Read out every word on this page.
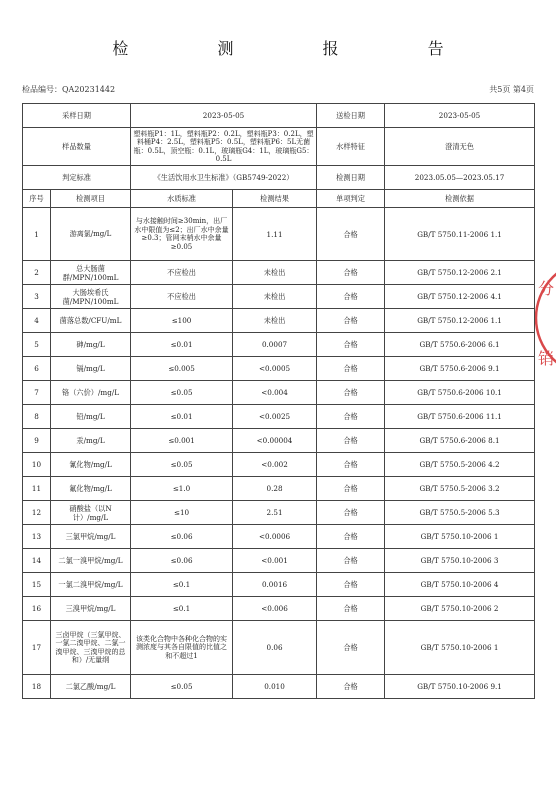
检 测 报 告
检品编号：QA20231442	共5页 第4页
分
销
采样日期		2023-05-05		送检日期	2023-05-05
样品数量		塑料瓶P1：1L，塑料瓶P2：0.2L，塑料瓶P3：0.2L，塑料桶P4：2.5L，塑料瓶P5：0.5L，塑料瓶P6：5L无菌瓶：0.5L，顶空瓶：0.1L，玻璃瓶G4：1L，玻璃瓶G5：0.5L		水样特征	澄清无色
判定标准		《生活饮用水卫生标准》（GB5749-2022）		检测日期	2023.05.05—2023.05.17
序号	检测项目	水质标准	检测结果	单项判定	检测依据
1	游离氯/mg/L	与水接触时间≥30min，出厂水中限值为≤2；出厂水中余量≥0.3；管网末梢水中余量≥0.05	1.11	合格	GB/T 5750.11-2006 1.1
2	总大肠菌群/MPN/100mL	不应检出	未检出	合格	GB/T 5750.12-2006 2.1
3	大肠埃希氏菌/MPN/100mL	不应检出	未检出	合格	GB/T 5750.12-2006 4.1
4	菌落总数/CFU/mL	≤100	未检出	合格	GB/T 5750.12-2006 1.1
5	砷/mg/L	≤0.01	0.0007	合格	GB/T 5750.6-2006 6.1
6	镉/mg/L	≤0.005	<0.0005	合格	GB/T 5750.6-2006 9.1
7	铬（六价）/mg/L	≤0.05	<0.004	合格	GB/T 5750.6-2006 10.1
8	铅/mg/L	≤0.01	<0.0025	合格	GB/T 5750.6-2006 11.1
9	汞/mg/L	≤0.001	<0.00004	合格	GB/T 5750.6-2006 8.1
10	氰化物/mg/L	≤0.05	<0.002	合格	GB/T 5750.5-2006 4.2
11	氟化物/mg/L	≤1.0	0.28	合格	GB/T 5750.5-2006 3.2
12	硝酸盐（以N计）/mg/L	≤10	2.51	合格	GB/T 5750.5-2006 5.3
13	三氯甲烷/mg/L	≤0.06	<0.0006	合格	GB/T 5750.10-2006 1
14	二氯一溴甲烷/mg/L	≤0.06	<0.001	合格	GB/T 5750.10-2006 3
15	一氯二溴甲烷/mg/L	≤0.1	0.0016	合格	GB/T 5750.10-2006 4
16	三溴甲烷/mg/L	≤0.1	<0.006	合格	GB/T 5750.10-2006 2
17	三卤甲烷（三氯甲烷、一氯二溴甲烷、二氯一溴甲烷、三溴甲烷的总和）/无量纲	该类化合物中各种化合物的实测浓度与其各自限值的比值之和不超过1	0.06	合格	GB/T 5750.10-2006 1
18	二氯乙酸/mg/L	≤0.05	0.010	合格	GB/T 5750.10-2006 9.1
